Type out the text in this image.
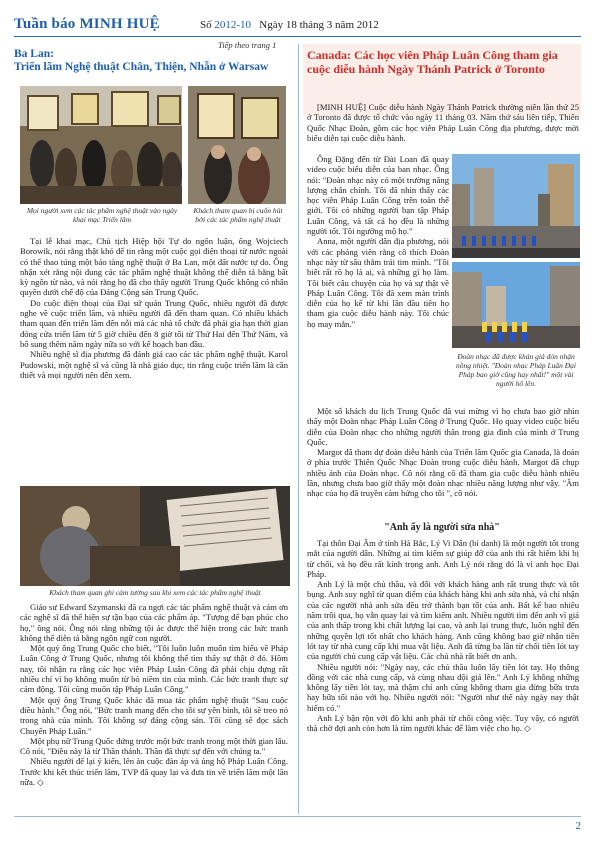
Tuần báo MINH HUỆ	Số 2012-10 Ngày 18 tháng 3 năm 2012
Tiếp theo trang 1
Ba Lan:
Triển lãm Nghệ thuật Chân, Thiện, Nhẫn ở Warsaw
Mọi người xem các tác phẩm nghệ thuật vào ngày khai mạc Triển lãm
Khách tham quan bị cuốn hút bởi các tác phẩm nghệ thuật

Tại lễ khai mạc, Chủ tịch Hiệp hội Tự do ngôn luận, ông Wojciech Borowik, nói rằng thật khó để tin rằng một cuộc gọi điện thoại từ nước ngoài có thể thao túng một bảo tàng nghệ thuật ở Ba Lan, một đất nước tự do. Ông nhận xét rằng nội dung các tác phẩm nghệ thuật không thể diễn tả bằng bất kỳ ngôn từ nào, và nói rằng họ đã cho thấy người Trung Quốc không có nhân quyền dưới chế độ của Đảng Cộng sản Trung Quốc.

Do cuộc điện thoại của Đại sứ quán Trung Quốc, nhiều người đã được nghe về cuộc triển lãm, và nhiều người đã đến tham quan. Có nhiều khách tham quan đến triển lãm đến nỗi mà các nhà tổ chức đã phải gia hạn thời gian đóng cửa triển lãm từ 5 giờ chiều đến 8 giờ tối từ Thứ Hai đến Thứ Năm, và bổ sung thêm năm ngày nữa so với kế hoạch ban đầu.

Nhiều nghệ sĩ địa phương đã đánh giá cao các tác phẩm nghệ thuật. Karol Pudowski, một nghệ sĩ và cũng là nhà giáo dục, tin rằng cuộc triển lãm là cần thiết và mọi người nên đến xem.

Khách tham quan ghi cảm tưởng sau khi xem các tác phẩm nghệ thuật

Giáo sư Edward Szymanski đã ca ngợi các tác phẩm nghệ thuật và cảm ơn các nghệ sĩ đã thể hiện sự tận bạo của các phẩm áp. "Tượng để bạn phúc cho họ," ông nói. Ông nói rằng những tội ác được thể hiện trong các bức tranh không thể diễn tả bằng ngôn ngữ con người.

Một quý ông Trung Quốc cho biết, "Tôi luôn luôn muốn tìm hiểu về Pháp Luân Công ở Trung Quốc, nhưng tôi không thể tìm thấy sự thật ở đó. Hôm nay, tôi nhận ra rằng các học viên Pháp Luân Công đã phải chịu đựng rất nhiều chỉ vì họ không muốn từ bỏ niềm tin của mình. Các bức tranh thực sự cảm động. Tôi cũng muốn tập Pháp Luân Công."

Một quý ông Trung Quốc khác đã mua tác phẩm nghệ thuật "Sau cuộc điều hành." Ông nói, "Bức tranh mang đến cho tôi sự yên bình, tôi sẽ treo nó trong nhà của mình. Tôi không sợ đảng cộng sản. Tôi cũng sẽ đọc sách Chuyển Pháp Luân."

Một phụ nữ Trung Quốc đứng trước một bức tranh trong một thời gian lâu. Cô nói, "Điều này là từ Thần thánh. Thần đã thực sự đến với chúng ta."

Nhiều người để lại ý kiến, lên án cuộc đàn áp và ủng hộ Pháp Luân Công. Trước khi kết thúc triển lãm, TVP đã quay lại và đưa tin về triển lãm một lần nữa. ◇

Canada: Các học viên Pháp Luân Công tham gia cuộc diễu hành Ngày Thánh Patrick ở Toronto

[MINH HUỆ] Cuộc diễu hành Ngày Thánh Patrick thường niên lần thứ 25 ở Toronto đã được tổ chức vào ngày 11 tháng 03. Năm thứ sáu liên tiếp, Thiên Quốc Nhạc Đoàn, gồm các học viên Pháp Luân Công địa phương, được mời biểu diễn tại cuộc diễu hành.

Ông Đặng đến từ Đài Loan đã quay video cuộc biểu diễn của ban nhạc. Ông nói: "Đoàn nhạc này có một trường năng lượng chân chính. Tôi đã nhìn thấy các học viên Pháp Luân Công trên toàn thế giới. Tôi có những người bạn tập Pháp Luân Công, và tất cả họ đều là những người tốt. Tôi ngưỡng mộ họ."

Anna, một người dân địa phương, nói với các phóng viên rằng cô thích Đoàn nhạc này từ sâu thẳm trái tim mình. "Tôi biết rất rõ họ là ai, và những gì họ làm. Tôi biết câu chuyện của họ và sự thật về Pháp Luân Công. Tôi đã xem màn trình diễn của họ kể từ khi lần đầu tiên họ tham gia cuộc diễu hành này. Tôi chúc họ may mắn."

Đoàn nhạc đã được khán giả đón nhận nồng nhiệt. "Đoàn nhạc Pháp Luân Đại Pháp bao giờ cũng hay nhất!" một vài người hô lên.

Một số khách du lịch Trung Quốc đã vui mừng vì họ chưa bao giờ nhìn thấy một Đoàn nhạc Pháp Luân Công ở Trung Quốc. Họ quay video cuộc biểu diễn của Đoàn nhạc cho những người thân trong gia đình của mình ở Trung Quốc.

Margot đã tham dự đoàn diễu hành của Triển lãm Quốc gia Canada, là đoàn ở phía trước Thiên Quốc Nhạc Đoàn trong cuộc diễu hành. Margot đã chụp nhiều ảnh của Đoàn nhạc. Cô nói rằng cô đã tham gia cuộc diễu hành nhiều lần, nhưng chưa bao giờ thấy một đoàn nhạc nhiều năng lượng như vậy. "Âm nhạc của họ đã truyền cảm hứng cho tôi ", cô nói.

"Anh ấy là người sửa nhà"

Tại thôn Đại Âm ở tỉnh Hà Bắc, Lý Vi Dân (bí danh) là một người tốt trong mắt của người dân. Những ai tìm kiếm sự giúp đỡ của anh thì rất hiếm khi bị từ chối, và họ đều rất kính trọng anh. Anh Lý nói rằng đó là vì anh học Đại Pháp.

Anh Lý là một chủ thầu, và đối với khách hàng anh rất trung thực và tốt bụng. Anh suy nghĩ từ quan điểm của khách hàng khi anh sửa nhà, và chỉ nhận của các người nhà anh sửa đều trở thành bạn tốt của anh. Bất kể bao nhiêu năm trôi qua, họ vẫn quay lại và tìm kiếm anh. Nhiều người tìm đến anh vì giá của anh thấp trong khi chất lượng lại cao, và anh lại trung thực, luôn nghĩ đến những quyền lợi tốt nhất cho khách hàng. Anh cũng không bao giờ nhận tiền lót tay từ nhà cung cấp khi mua vật liệu. Anh đã từng ba lần từ chối tiền lót tay của người chủ cung cấp vật liệu. Các chủ nhà rất biết ơn anh.

Nhiều người nói: "Ngày nay, các chủ thầu luôn lấy tiền lót tay. Họ thông đồng với các nhà cung cấp, và cùng nhau đội giá lên." Anh Lý không những không lấy tiền lót tay, mà thậm chí anh cũng không tham gia đừng bữa trưa hay bữa tối nào với họ. Nhiều người nói: "Người như thế này ngày nay thật hiếm có."

Anh Lý bận rộn với đồ khi anh phải từ chối công việc. Tuy vậy, có người thà chờ đợi anh còn hơn là tìm người khác để làm việc cho họ. ◇

2
